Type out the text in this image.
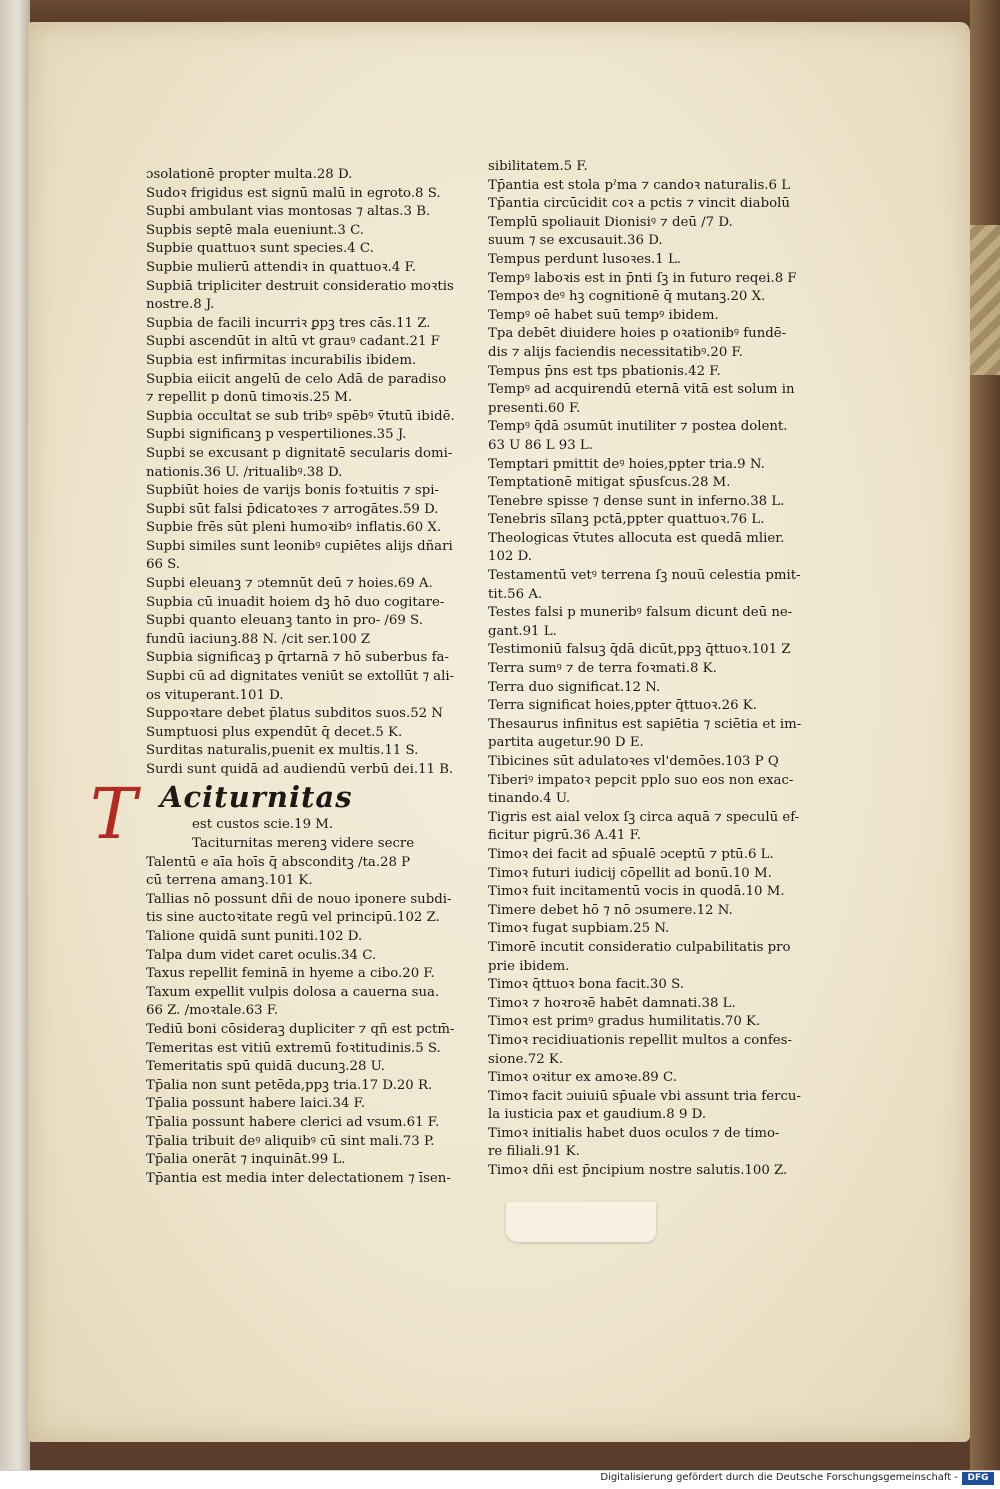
ɔsolationē propter multa.28 D.
Sudoꝛ frigidus est signū malū in egroto.8 S.
Supbi ambulant vias montosas ⁊ altas.3 B.
Supbis septē mala eueniunt.3 C.
Supbie quattuoꝛ sunt species.4 C.
Supbie mulierū attendiꝛ in quattuoꝛ.4 F.
Supbiā tripliciter destruit consideratio moꝛtis
nostre.8 J.
Supbia de facili incurriꝛ ꝑpꝫ tres cās.11 Z.
Supbi ascendūt in altū vt grauꝰ cadant.21 F
Supbia est infirmitas incurabilis ibidem.
Supbia eiicit angelū de celo Adā de paradiso
⁊ repellit p donū timoꝛis.25 M.
Supbia occultat se sub tribꝰ spēbꝰ v̄tutū ibidē.
Supbi significanꝫ p vespertiliones.35 J.
Supbi se excusant p dignitatē secularis domi-
nationis.36 U. /ritualibꝰ.38 D.
Supbiūt hoies de varijs bonis foꝛtuitis ⁊ spi-
Supbi sūt falsi p̄dicatoꝛes ⁊ arrogātes.59 D.
Supbie frēs sūt pleni humoꝛibꝰ inflatis.60 X.
Supbi similes sunt leonibꝰ cupiētes alijs dñari
66 S.
Supbi eleuanꝫ ⁊ ɔtemnūt deū ⁊ hoies.69 A.
Supbia cū inuadit hoiem dꝫ hō duo cogitare-
Supbi quanto eleuanꝫ tanto in pro- /69 S.
fundū iaciunꝫ.88 N. /cit ser.100 Z
Supbia significaꝫ p q̄rtarnā ⁊ hō suberbus fa-
Supbi cū ad dignitates veniūt se extollūt ⁊ ali-
os vituperant.101 D.
Suppoꝛtare debet p̄latus subditos suos.52 N
Sumptuosi plus expendūt q̄ decet.5 K.
Surditas naturalis,puenit ex multis.11 S.
Surdi sunt quidā ad audiendū verbū dei.11 B.
T Aciturnitas
est custos scie.19 M.
Taciturnitas merenꝫ videre secre
Talentū e aīa hoīs q̄ absconditꝫ /ta.28 P
cū terrena amanꝫ.101 K.
Tallias nō possunt dñi de nouo iponere subdi-
tis sine auctoꝛitate regū vel principū.102 Z.
Talione quidā sunt puniti.102 D.
Talpa dum videt caret oculis.34 C.
Taxus repellit feminā in hyeme a cibo.20 F.
Taxum expellit vulpis dolosa a cauerna sua.
66 Z. /moꝛtale.63 F.
Tediū boni cōsideraꝫ dupliciter ⁊ qñ est pctm̄-
Temeritas est vitiū extremū foꝛtitudinis.5 S.
Temeritatis spū quidā ducunꝫ.28 U.
Tp̄alia non sunt petēda,ppꝫ tria.17 D.20 R.
Tp̄alia possunt habere laici.34 F.
Tp̄alia possunt habere clerici ad vsum.61 F.
Tp̄alia tribuit deꝰ aliquibꝰ cū sint mali.73 P.
Tp̄alia onerāt ⁊ inquināt.99 L.
Tp̄antia est media inter delectationem ⁊ īsen-
sibilitatem.5 F.
Tp̄antia est stola pˀma ⁊ candoꝛ naturalis.6 L
Tp̄antia circūcidit coꝛ a pctis ⁊ vincit diabolū
Templū spoliauit Dionisiꝰ ⁊ deū /7 D.
suum ⁊ se excusauit.36 D.
Tempus perdunt lusoꝛes.1 L.
Tempꝰ laboꝛis est in p̄nti ſꝫ in futuro reqei.8 F
Tempoꝛ deꝰ hꝫ cognitionē q̄ mutanꝫ.20 X.
Tempꝰ oē habet suū tempꝰ ibidem.
Tpa debēt diuidere hoies p oꝛationibꝰ fundē-
dis ⁊ alijs faciendis necessitatibꝰ.20 F.
Tempus p̄ns est tps pbationis.42 F.
Tempꝰ ad acquirendū eternā vitā est solum in
presenti.60 F.
Tempꝰ q̄dā ɔsumūt inutiliter ⁊ postea dolent.
63 U 86 L 93 L.
Temptari pmittit deꝰ hoies,ppter tria.9 N.
Temptationē mitigat sp̄usſcus.28 M.
Tenebre spisse ⁊ dense sunt in inferno.38 L.
Tenebris sīlanꝫ pctā,ppter quattuoꝛ.76 L.
Theologicas v̄tutes allocuta est quedā mlier.
102 D.
Testamentū vetꝰ terrena ſꝫ nouū celestia pmit-
tit.56 A.
Testes falsi p muneribꝰ falsum dicunt deū ne-
gant.91 L.
Testimoniū falsuꝫ q̄dā dicūt,ppꝫ q̄ttuoꝛ.101 Z
Terra sumꝰ ⁊ de terra foꝛmati.8 K.
Terra duo significat.12 N.
Terra significat hoies,ppter q̄ttuoꝛ.26 K.
Thesaurus infinitus est sapiētia ⁊ sciētia et im-
partita augetur.90 D E.
Tibicines sūt adulatoꝛes vl'demōes.103 P Q
Tiberiꝰ impatoꝛ pepcit pplo suo eos non exac-
tinando.4 U.
Tigris est aial velox ſꝫ circa aquā ⁊ speculū ef-
ficitur pigrū.36 A.41 F.
Timoꝛ dei facit ad sp̄ualē ɔceptū ⁊ ptū.6 L.
Timoꝛ futuri iudicij cōpellit ad bonū.10 M.
Timoꝛ fuit incitamentū vocis in quodā.10 M.
Timere debet hō ⁊ nō ɔsumere.12 N.
Timoꝛ fugat supbiam.25 N.
Timorē incutit consideratio culpabilitatis pro
prie ibidem.
Timoꝛ q̄ttuoꝛ bona facit.30 S.
Timoꝛ ⁊ hoꝛroꝛē habēt damnati.38 L.
Timoꝛ est primꝰ gradus humilitatis.70 K.
Timoꝛ recidiuationis repellit multos a confes-
sione.72 K.
Timoꝛ oꝛitur ex amoꝛe.89 C.
Timoꝛ facit ɔuiuiū sp̄uale vbi assunt tria fercu-
la iusticia pax et gaudium.8 9 D.
Timoꝛ initialis habet duos oculos ⁊ de timo-
re filiali.91 K.
Timoꝛ dñi est p̄ncipium nostre salutis.100 Z.
Digitalisierung gefördert durch die Deutsche Forschungsgemeinschaft -	DFG
